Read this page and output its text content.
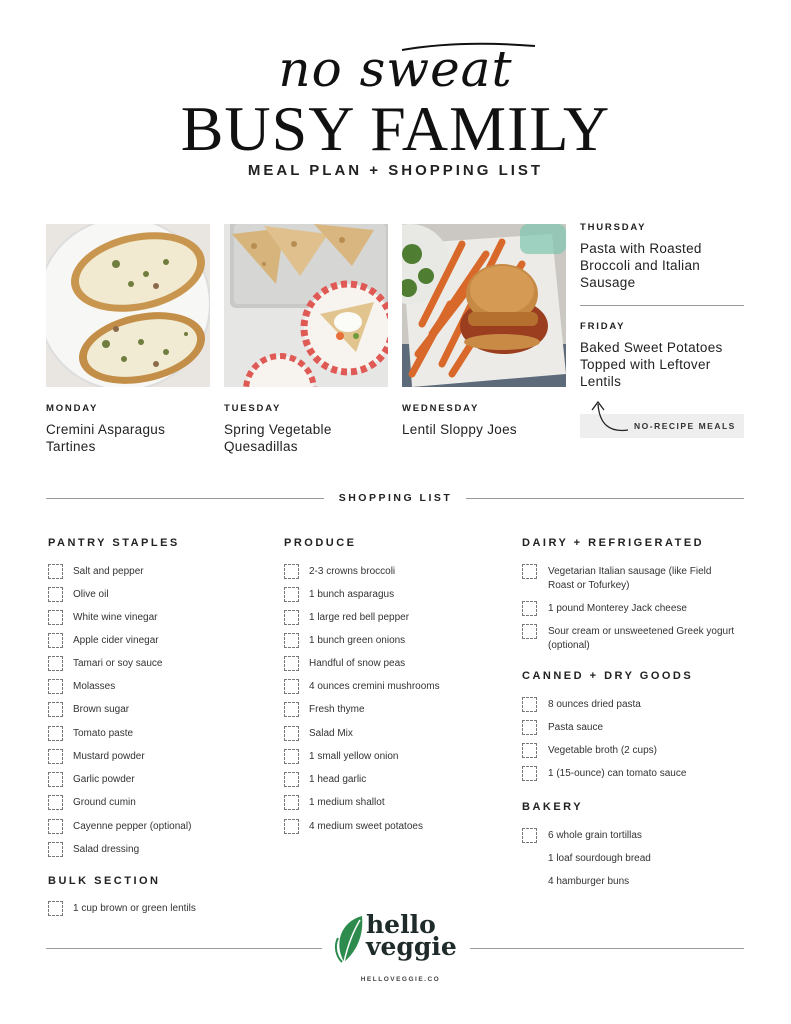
no sweat
BUSY FAMILY
MEAL PLAN + SHOPPING LIST
MONDAY
Cremini Asparagus Tartines
TUESDAY
Spring Vegetable Quesadillas
WEDNESDAY
Lentil Sloppy Joes
THURSDAY
Pasta with Roasted Broccoli and Italian Sausage
FRIDAY
Baked Sweet Potatoes Topped with Leftover Lentils
NO-RECIPE MEALS
SHOPPING LIST
PANTRY STAPLES
Salt and pepper
Olive oil
White wine vinegar
Apple cider vinegar
Tamari or soy sauce
Molasses
Brown sugar
Tomato paste
Mustard powder
Garlic powder
Ground cumin
Cayenne pepper (optional)
Salad dressing
BULK SECTION
1 cup brown or green lentils
PRODUCE
2-3 crowns broccoli
1 bunch asparagus
1 large red bell pepper
1 bunch green onions
Handful of snow peas
4 ounces cremini mushrooms
Fresh thyme
Salad Mix
1 small yellow onion
1 head garlic
1 medium shallot
4 medium sweet potatoes
DAIRY + REFRIGERATED
Vegetarian Italian sausage (like Field Roast or Tofurkey)
1 pound Monterey Jack cheese
Sour cream or unsweetened Greek yogurt (optional)
CANNED + DRY GOODS
8 ounces dried pasta
Pasta sauce
Vegetable broth (2 cups)
1 (15-ounce) can tomato sauce
BAKERY
6 whole grain tortillas
1 loaf sourdough bread
4 hamburger buns
hello
veggie
HELLOVEGGIE.CO
